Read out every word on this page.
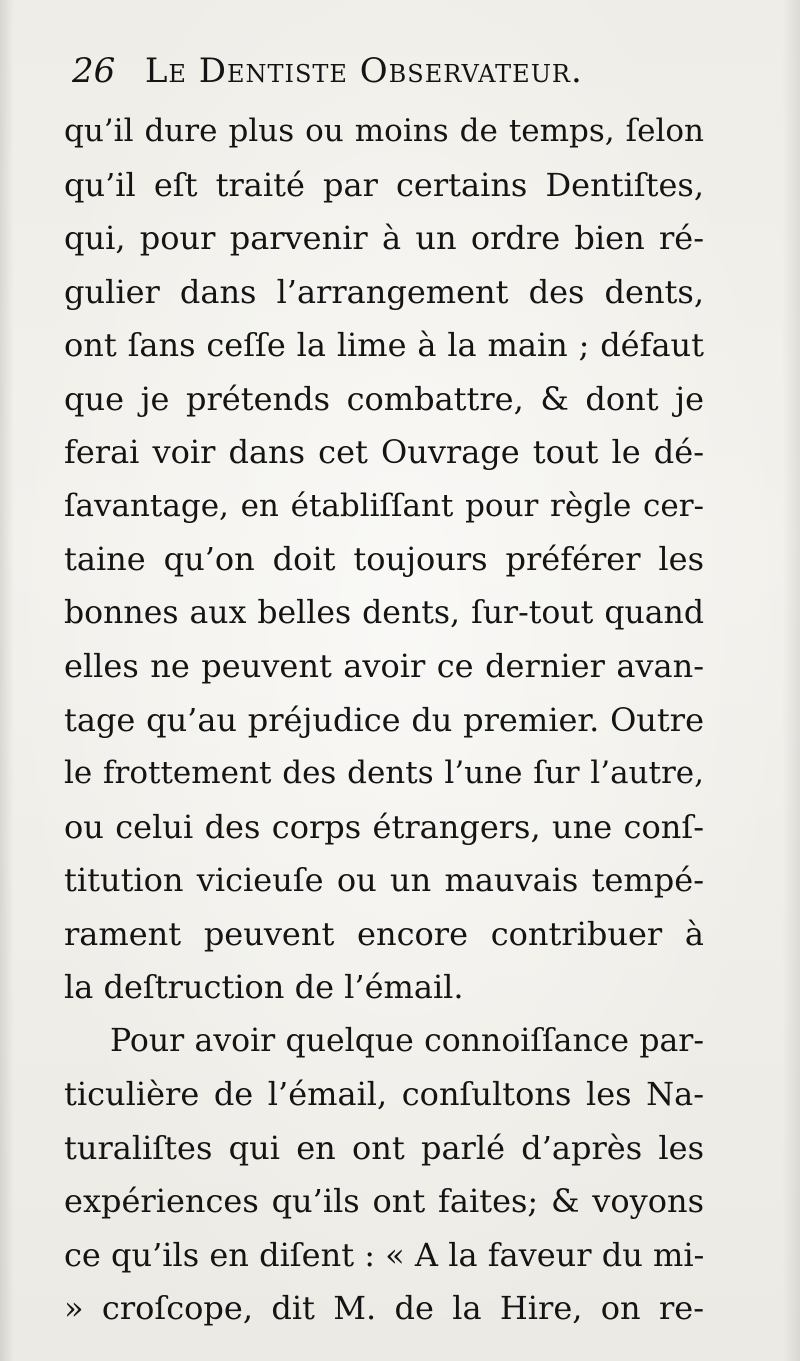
26 Le Dentiste Observateur.
qu’il dure plus ou moins de temps, ſelon
qu’il eſt traité par certains Dentiſtes,
qui, pour parvenir à un ordre bien ré-
gulier dans l’arrangement des dents,
ont ſans ceſſe la lime à la main ; défaut
que je prétends combattre, & dont je
ferai voir dans cet Ouvrage tout le dé-
ſavantage, en établiſſant pour règle cer-
taine qu’on doit toujours préférer les
bonnes aux belles dents, ſur-tout quand
elles ne peuvent avoir ce dernier avan-
tage qu’au préjudice du premier. Outre
le frottement des dents l’une ſur l’autre,
ou celui des corps étrangers, une conſ-
titution vicieuſe ou un mauvais tempé-
rament peuvent encore contribuer à
la deſtruction de l’émail.
Pour avoir quelque connoiſſance par-
ticulière de l’émail, conſultons les Na-
turaliſtes qui en ont parlé d’après les
expériences qu’ils ont faites; & voyons
ce qu’ils en diſent : « A la faveur du mi-
» croſcope, dit M. de la Hire, on re-
